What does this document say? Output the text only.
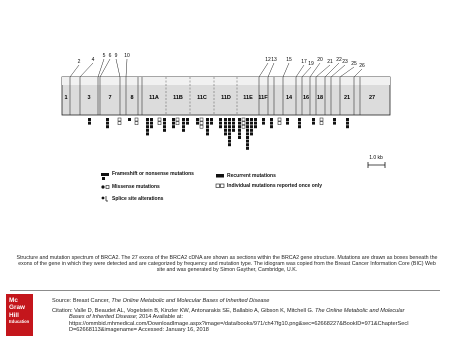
2 4
5 6 9 10
12 13 15 17 19
20 21 22 23 25 26
1	3	7	8	11A	11B	11C	11D 11E 11F	14 16 18	21	27
1.0 kb
Frameshift or nonsense mutations
Missense mutations
Splice site alterations
Recurrent mutations
Individual mutations reported once only
Structure and mutation spectrum of BRCA2. The 27 exons of the BRCA2 cDNA are shown as sections within the BRCA2 gene structure. Mutations are drawn as boxes beneath the exons of the gene in which they were detected and are categorized by frequency and mutation type. The idiogram was copied from the Breast Cancer Information Core (BIC) Web site and was generated by Simon Gayther, Cambridge, U.K.
Mc
Graw
Hill
Education
Source: Breast Cancer, The Online Metabolic and Molecular Bases of Inherited Disease
Citation: Valle D, Beaudet AL, Vogelstein B, Kinzler KW, Antonarakis SE, Ballabio A, Gibson K, Mitchell G. The Online Metabolic and Molecular
Bases of Inherited Disease; 2014 Available at:
https://ommbid.mhmedical.com/DownloadImage.aspx?image=/data/books/971/ch47fg10.png&sec=62668227&BookID=971&ChapterSecI
D=62668113&imagename= Accessed: January 16, 2018
